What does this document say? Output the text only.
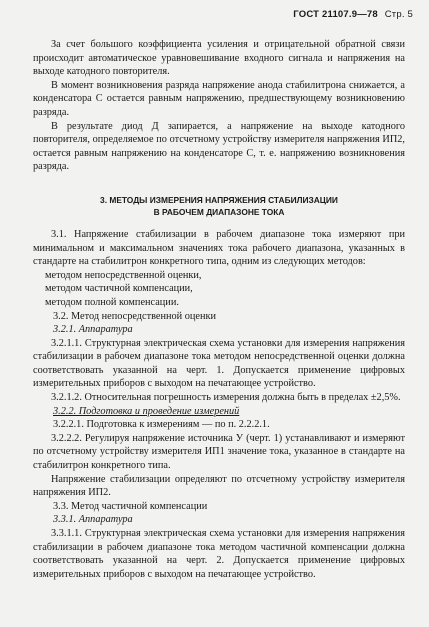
ГОСТ 21107.9—78 Стр. 5

За счет большого коэффициента усиления и отрицательной обратной связи происходит автоматическое уравновешивание входного сигнала и напряжения на выходе катодного повторителя.

В момент возникновения разряда напряжение анода стабилитрона снижается, а конденсатора С остается равным напряжению, предшествующему возникновению разряда.

В результате диод Д запирается, а напряжение на выходе катодного повторителя, определяемое по отсчетному устройству измерителя напряжения ИП2, остается равным напряжению на конденсаторе С, т. е. напряжению возникновения разряда.

3. МЕТОДЫ ИЗМЕРЕНИЯ НАПРЯЖЕНИЯ СТАБИЛИЗАЦИИ
В РАБОЧЕМ ДИАПАЗОНЕ ТОКА

3.1. Напряжение стабилизации в рабочем диапазоне тока измеряют при минимальном и максимальном значениях тока рабочего диапазона, указанных в стандарте на стабилитрон конкретного типа, одним из следующих методов:

методом непосредственной оценки,

методом частичной компенсации,

методом полной компенсации.

3.2. Метод непосредственной оценки

3.2.1. Аппаратура

3.2.1.1. Структурная электрическая схема установки для измерения напряжения стабилизации в рабочем диапазоне тока методом непосредственной оценки должна соответствовать указанной на черт. 1. Допускается применение цифровых измерительных приборов с выходом на печатающее устройство.

3.2.1.2. Относительная погрешность измерения должна быть в пределах ±2,5%.

3.2.2. Подготовка и проведение измерений

3.2.2.1. Подготовка к измерениям — по п. 2.2.2.1.

3.2.2.2. Регулируя напряжение источника У (черт. 1) устанавливают и измеряют по отсчетному устройству измерителя ИП1 значение тока, указанное в стандарте на стабилитрон конкретного типа.

Напряжение стабилизации определяют по отсчетному устройству измерителя напряжения ИП2.

3.3. Метод частичной компенсации

3.3.1. Аппаратура

3.3.1.1. Структурная электрическая схема установки для измерения напряжения стабилизации в рабочем диапазоне тока методом частичной компенсации должна соответствовать указанной на черт. 2. Допускается применение цифровых измерительных приборов с выходом на печатающее устройство.
